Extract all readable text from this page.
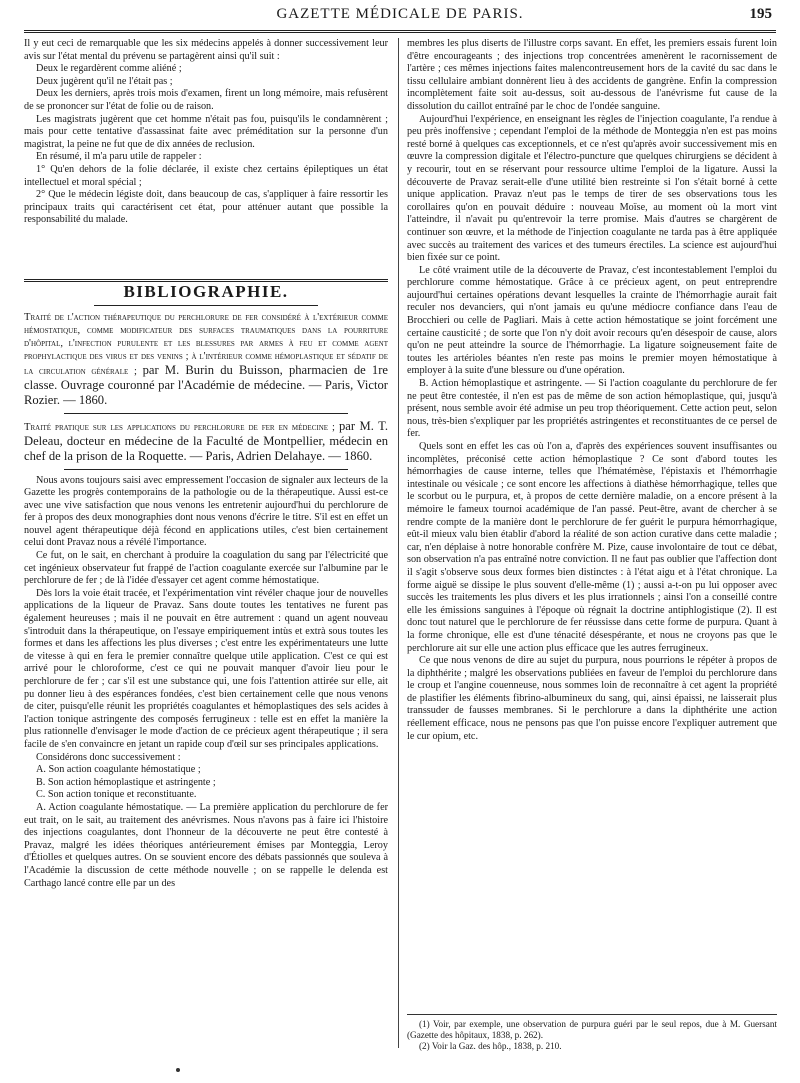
GAZETTE MÉDICALE DE PARIS.	195

Il y eut ceci de remarquable que les six médecins appelés à donner successivement leur avis sur l'état mental du prévenu se partagèrent ainsi qu'il suit :

Deux le regardèrent comme aliéné ;

Deux jugèrent qu'il ne l'était pas ;

Deux les derniers, après trois mois d'examen, firent un long mémoire, mais refusèrent de se prononcer sur l'état de folie ou de raison.

Les magistrats jugèrent que cet homme n'était pas fou, puisqu'ils le condamnèrent ; mais pour cette tentative d'assassinat faite avec préméditation sur la personne d'un magistrat, la peine ne fut que de dix années de reclusion.

En résumé, il m'a paru utile de rappeler :

1° Qu'en dehors de la folie déclarée, il existe chez certains épileptiques un état intellectuel et moral spécial ;

2° Que le médecin légiste doit, dans beaucoup de cas, s'appliquer à faire ressortir les principaux traits qui caractérisent cet état, pour atténuer autant que possible la responsabilité du malade.

BIBLIOGRAPHIE.

Traité de l'action thérapeutique du perchlorure de fer considéré à l'extérieur comme hémostatique, comme modificateur des surfaces traumatiques dans la pourriture d'hôpital, l'infection purulente et les blessures par armes à feu et comme agent prophylactique des virus et des venins ; à l'intérieur comme hémoplastique et sédatif de la circulation générale ; par M. Burin du Buisson, pharmacien de 1re classe. Ouvrage couronné par l'Académie de médecine. — Paris, Victor Rozier. — 1860.

Traité pratique sur les applications du perchlorure de fer en médecine ; par M. T. Deleau, docteur en médecine de la Faculté de Montpellier, médecin en chef de la prison de la Roquette. — Paris, Adrien Delahaye. — 1860.

Nous avons toujours saisi avec empressement l'occasion de signaler aux lecteurs de la Gazette les progrès contemporains de la pathologie ou de la thérapeutique. Aussi est-ce avec une vive satisfaction que nous venons les entretenir aujourd'hui du perchlorure de fer à propos des deux monographies dont nous venons d'écrire le titre. S'il est en effet un nouvel agent thérapeutique déjà fécond en applications utiles, c'est bien certainement celui dont Pravaz nous a révélé l'importance.

Ce fut, on le sait, en cherchant à produire la coagulation du sang par l'électricité que cet ingénieux observateur fut frappé de l'action coagulante exercée sur l'albumine par le perchlorure de fer ; de là l'idée d'essayer cet agent comme hémostatique.

Dès lors la voie était tracée, et l'expérimentation vint révéler chaque jour de nouvelles applications de la liqueur de Pravaz. Sans doute toutes les tentatives ne furent pas également heureuses ; mais il ne pouvait en être autrement : quand un agent nouveau s'introduit dans la thérapeutique, on l'essaye empiriquement intùs et extrà sous toutes les formes et dans les affections les plus diverses ; c'est entre les expérimentateurs une lutte de vitesse à qui en fera le premier connaître quelque utile application. C'est ce qui est arrivé pour le chloroforme, c'est ce qui ne pouvait manquer d'avoir lieu pour le perchlorure de fer ; car s'il est une substance qui, une fois l'attention attirée sur elle, ait pu donner lieu à des espérances fondées, c'est bien certainement celle que nous venons de citer, puisqu'elle réunit les propriétés coagulantes et hémoplastiques des sels acides à l'action tonique astringente des composés ferrugineux : telle est en effet la manière la plus rationnelle d'envisager le mode d'action de ce précieux agent thérapeutique ; il sera facile de s'en convaincre en jetant un rapide coup d'œil sur ses principales applications.

Considérons donc successivement :

A. Son action coagulante hémostatique ;

B. Son action hémoplastique et astringente ;

C. Son action tonique et reconstituante.

A. Action coagulante hémostatique. — La première application du perchlorure de fer eut trait, on le sait, au traitement des anévrismes. Nous n'avons pas à faire ici l'histoire des injections coagulantes, dont l'honneur de la découverte ne peut être contesté à Pravaz, malgré les idées théoriques antérieurement émises par Monteggia, Leroy d'Étiolles et quelques autres. On se souvient encore des débats passionnés que souleva à l'Académie la discussion de cette méthode nouvelle ; on se rappelle le delenda est Carthago lancé contre elle par un des

membres les plus diserts de l'illustre corps savant. En effet, les premiers essais furent loin d'être encourageants ; des injections trop concentrées amenèrent le racornissement de l'artère ; ces mêmes injections faites malencontreusement hors de la cavité du sac dans le tissu cellulaire ambiant donnèrent lieu à des accidents de gangrène. Enfin la compression incomplètement faite soit au-dessus, soit au-dessous de l'anévrisme fut cause de la dissolution du caillot entraîné par le choc de l'ondée sanguine.

Aujourd'hui l'expérience, en enseignant les règles de l'injection coagulante, l'a rendue à peu près inoffensive ; cependant l'emploi de la méthode de Monteggia n'en est pas moins resté borné à quelques cas exceptionnels, et ce n'est qu'après avoir successivement mis en œuvre la compression digitale et l'électro-puncture que quelques chirurgiens se décident à y recourir, tout en se réservant pour ressource ultime l'emploi de la ligature. Aussi la découverte de Pravaz serait-elle d'une utilité bien restreinte si l'on s'était borné à cette unique application. Pravaz n'eut pas le temps de tirer de ses observations tous les corollaires qu'on en pouvait déduire : nouveau Moïse, au moment où la mort vint l'atteindre, il n'avait pu qu'entrevoir la terre promise. Mais d'autres se chargèrent de continuer son œuvre, et la méthode de l'injection coagulante ne tarda pas à être appliquée avec succès au traitement des varices et des tumeurs érectiles. La science est aujourd'hui bien fixée sur ce point.

Le côté vraiment utile de la découverte de Pravaz, c'est incontestablement l'emploi du perchlorure comme hémostatique. Grâce à ce précieux agent, on peut entreprendre aujourd'hui certaines opérations devant lesquelles la crainte de l'hémorrhagie aurait fait reculer nos devanciers, qui n'ont jamais eu qu'une médiocre confiance dans l'eau de Brocchieri ou celle de Pagliari. Mais à cette action hémostatique se joint forcément une certaine causticité ; de sorte que l'on n'y doit avoir recours qu'en désespoir de cause, alors qu'on ne peut atteindre la source de l'hémorrhagie. La ligature soigneusement faite de toutes les artérioles béantes n'en reste pas moins le premier moyen hémostatique à employer à la suite d'une blessure ou d'une opération.

B. Action hémoplastique et astringente. — Si l'action coagulante du perchlorure de fer ne peut être contestée, il n'en est pas de même de son action hémoplastique, qui, jusqu'à présent, nous semble avoir été admise un peu trop théoriquement. Cette action peut, selon nous, très-bien s'expliquer par les propriétés astringentes et reconstituantes de ce persel de fer.

Quels sont en effet les cas où l'on a, d'après des expériences souvent insuffisantes ou incomplètes, préconisé cette action hémoplastique ? Ce sont d'abord toutes les hémorrhagies de cause interne, telles que l'hématémèse, l'épistaxis et l'hémorrhagie intestinale ou vésicale ; ce sont encore les affections à diathèse hémorrhagique, telles que le scorbut ou le purpura, et, à propos de cette dernière maladie, on a encore présent à la mémoire le fameux tournoi académique de l'an passé. Peut-être, avant de chercher à se rendre compte de la manière dont le perchlorure de fer guérit le purpura hémorrhagique, eût-il mieux valu bien établir d'abord la réalité de son action curative dans cette maladie ; car, n'en déplaise à notre honorable confrère M. Pize, cause involontaire de tout ce débat, son observation n'a pas entraîné notre conviction. Il ne faut pas oublier que l'affection dont il s'agit s'observe sous deux formes bien distinctes : à l'état aigu et à l'état chronique. La forme aiguë se dissipe le plus souvent d'elle-même (1) ; aussi a-t-on pu lui opposer avec succès les traitements les plus divers et les plus irrationnels ; ainsi l'on a conseillé contre elle les émissions sanguines à l'époque où régnait la doctrine antiphlogistique (2). Il est donc tout naturel que le perchlorure de fer réussisse dans cette forme de purpura. Quant à la forme chronique, elle est d'une ténacité désespérante, et nous ne croyons pas que le perchlorure ait sur elle une action plus efficace que les autres ferrugineux.

Ce que nous venons de dire au sujet du purpura, nous pourrions le répéter à propos de la diphthérite ; malgré les observations publiées en faveur de l'emploi du perchlorure dans le croup et l'angine couenneuse, nous sommes loin de reconnaître à cet agent la propriété de plastifier les éléments fibrino-albumineux du sang, qui, ainsi épaissi, ne laisserait plus transsuder de fausses membranes. Si le perchlorure a dans la diphthérite une action réellement efficace, nous ne pensons pas que l'on puisse encore l'expliquer autrement que le cur opium, etc.

(1) Voir, par exemple, une observation de purpura guéri par le seul repos, due à M. Guersant (Gazette des hôpitaux, 1838, p. 262).

(2) Voir la Gaz. des hôp., 1838, p. 210.
